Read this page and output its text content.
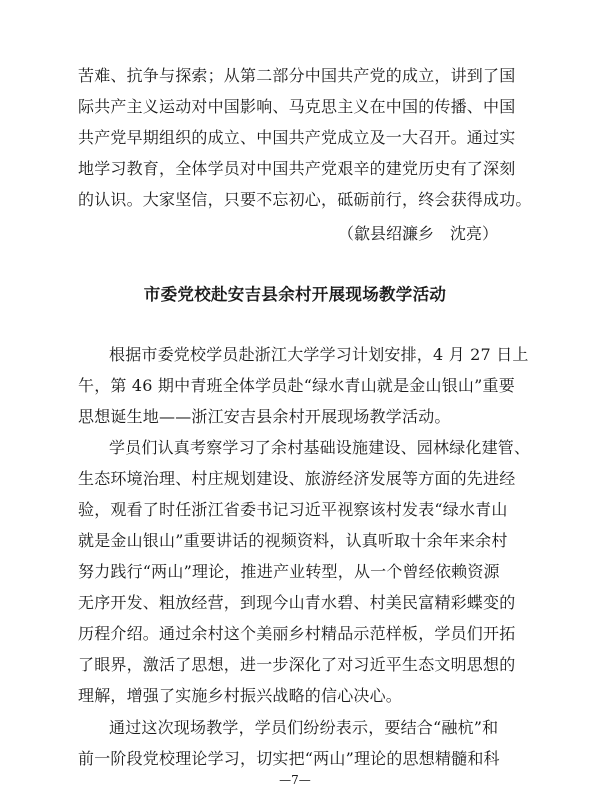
苦难、抗争与探索；从第二部分中国共产党的成立，讲到了国
际共产主义运动对中国影响、马克思主义在中国的传播、中国
共产党早期组织的成立、中国共产党成立及一大召开。通过实
地学习教育，全体学员对中国共产党艰辛的建党历史有了深刻
的认识。大家坚信，只要不忘初心，砥砺前行，终会获得成功。
（歙县绍濂乡　沈亮）
市委党校赴安吉县余村开展现场教学活动
根据市委党校学员赴浙江大学学习计划安排，4 月 27 日上
午，第 46 期中青班全体学员赴“绿水青山就是金山银山”重要
思想诞生地——浙江安吉县余村开展现场教学活动。
学员们认真考察学习了余村基础设施建设、园林绿化建管、
生态环境治理、村庄规划建设、旅游经济发展等方面的先进经
验，观看了时任浙江省委书记习近平视察该村发表“绿水青山
就是金山银山”重要讲话的视频资料，认真听取十余年来余村
努力践行“两山”理论，推进产业转型，从一个曾经依赖资源
无序开发、粗放经营，到现今山青水碧、村美民富精彩蝶变的
历程介绍。通过余村这个美丽乡村精品示范样板，学员们开拓
了眼界，激活了思想，进一步深化了对习近平生态文明思想的
理解，增强了实施乡村振兴战略的信心决心。
通过这次现场教学，学员们纷纷表示，要结合“融杭”和
前一阶段党校理论学习，切实把“两山”理论的思想精髓和科
—7—
